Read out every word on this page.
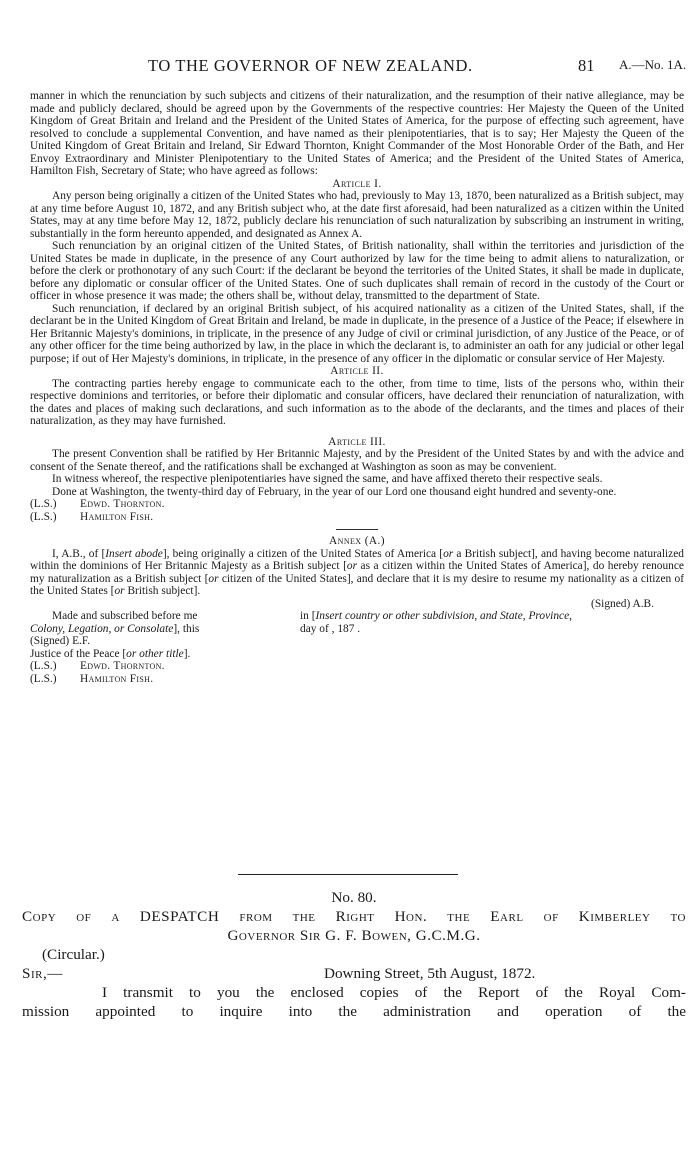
TO THE GOVERNOR OF NEW ZEALAND.	81 A.—No. 1A.

manner in which the renunciation by such subjects and citizens of their naturalization, and the resumption of their native allegiance, may be made and publicly declared, should be agreed upon by the Governments of the respective countries: Her Majesty the Queen of the United Kingdom of Great Britain and Ireland and the President of the United States of America, for the purpose of effecting such agreement, have resolved to conclude a supplemental Convention, and have named as their plenipotentiaries, that is to say; Her Majesty the Queen of the United Kingdom of Great Britain and Ireland, Sir Edward Thornton, Knight Commander of the Most Honorable Order of the Bath, and Her Envoy Extraordinary and Minister Plenipotentiary to the United States of America; and the President of the United States of America, Hamilton Fish, Secretary of State; who have agreed as follows:

Article I.

Any person being originally a citizen of the United States who had, previously to May 13, 1870, been naturalized as a British subject, may at any time before August 10, 1872, and any British subject who, at the date first aforesaid, had been naturalized as a citizen within the United States, may at any time before May 12, 1872, publicly declare his renunciation of such naturalization by subscribing an instrument in writing, substantially in the form hereunto appended, and designated as Annex A.

Such renunciation by an original citizen of the United States, of British nationality, shall within the territories and jurisdiction of the United States be made in duplicate, in the presence of any Court authorized by law for the time being to admit aliens to naturalization, or before the clerk or prothonotary of any such Court: if the declarant be beyond the territories of the United States, it shall be made in duplicate, before any diplomatic or consular officer of the United States. One of such duplicates shall remain of record in the custody of the Court or officer in whose presence it was made; the others shall be, without delay, transmitted to the department of State.

Such renunciation, if declared by an original British subject, of his acquired nationality as a citizen of the United States, shall, if the declarant be in the United Kingdom of Great Britain and Ireland, be made in duplicate, in the presence of a Justice of the Peace; if elsewhere in Her Britannic Majesty's dominions, in triplicate, in the presence of any Judge of civil or criminal jurisdiction, of any Justice of the Peace, or of any other officer for the time being authorized by law, in the place in which the declarant is, to administer an oath for any judicial or other legal purpose; if out of Her Majesty's dominions, in triplicate, in the presence of any officer in the diplomatic or consular service of Her Majesty.

Article II.

The contracting parties hereby engage to communicate each to the other, from time to time, lists of the persons who, within their respective dominions and territories, or before their diplomatic and consular officers, have declared their renunciation of naturalization, with the dates and places of making such declarations, and such information as to the abode of the declarants, and the times and places of their naturalization, as they may have furnished.

Article III.

The present Convention shall be ratified by Her Britannic Majesty, and by the President of the United States by and with the advice and consent of the Senate thereof, and the ratifications shall be exchanged at Washington as soon as may be convenient.

In witness whereof, the respective plenipotentiaries have signed the same, and have affixed thereto their respective seals.

Done at Washington, the twenty-third day of February, in the year of our Lord one thousand eight hundred and seventy-one.

(L.S.) Edwd. Thornton.

(L.S.) Hamilton Fish.

Annex (A.)

I, A.B., of [Insert abode], being originally a citizen of the United States of America [or a British subject], and having become naturalized within the dominions of Her Britannic Majesty as a British subject [or as a citizen within the United States of America], do hereby renounce my naturalization as a British subject [or citizen of the United States], and declare that it is my desire to resume my nationality as a citizen of the United States [or British subject].

(Signed) A.B.

Made and subscribed before me
Colony, Legation, or Consolate], this
in [Insert country or other subdivision, and State, Province,
day of , 187 .

(Signed) E.F.

Justice of the Peace [or other title].

(L.S.) Edwd. Thornton.

(L.S.) Hamilton Fish.

No. 80.

Copy of a DESPATCH from the Right Hon. the Earl of Kimberley to

Governor Sir G. F. Bowen, G.C.M.G.

(Circular.)

Sir,—	Downing Street, 5th August, 1872.

I transmit to you the enclosed copies of the Report of the Royal Com-

mission appointed to inquire into the administration and operation of the
